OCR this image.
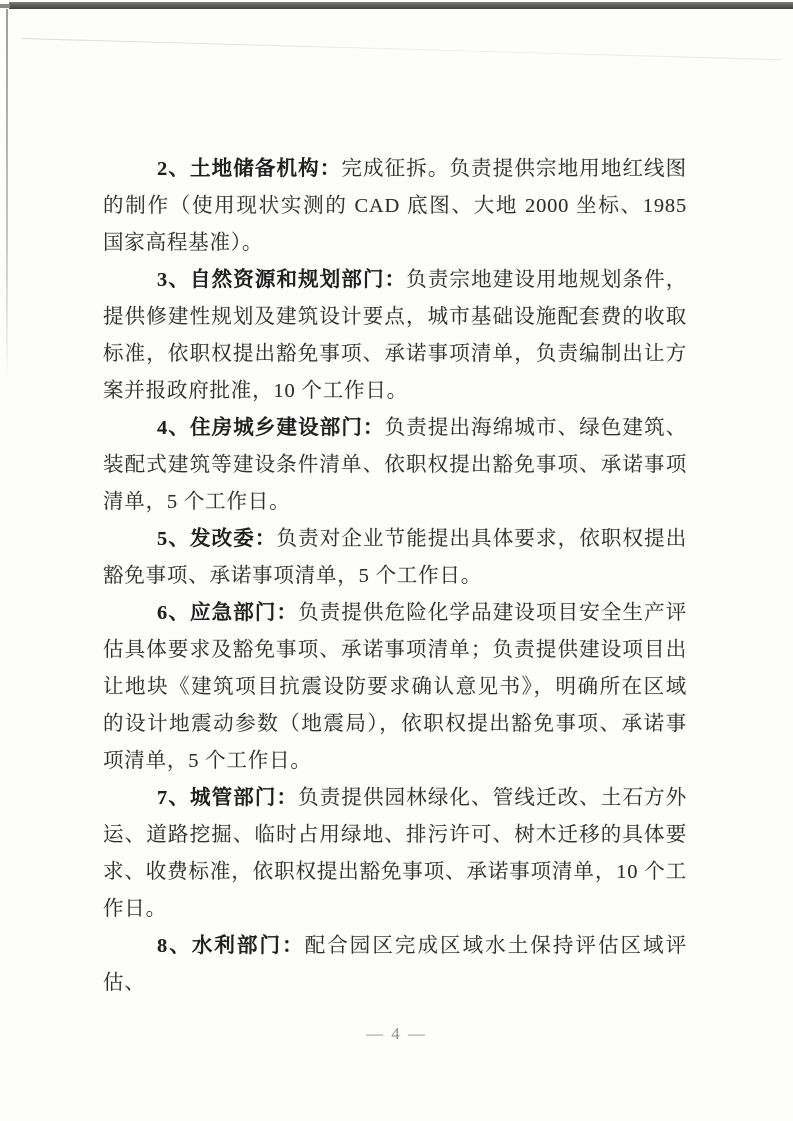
2、土地储备机构：完成征拆。负责提供宗地用地红线图的制作（使用现状实测的 CAD 底图、大地 2000 坐标、1985 国家高程基准）。

3、自然资源和规划部门：负责宗地建设用地规划条件，提供修建性规划及建筑设计要点，城市基础设施配套费的收取标准，依职权提出豁免事项、承诺事项清单，负责编制出让方案并报政府批准，10 个工作日。

4、住房城乡建设部门：负责提出海绵城市、绿色建筑、装配式建筑等建设条件清单、依职权提出豁免事项、承诺事项清单，5 个工作日。

5、发改委：负责对企业节能提出具体要求，依职权提出豁免事项、承诺事项清单，5 个工作日。

6、应急部门：负责提供危险化学品建设项目安全生产评估具体要求及豁免事项、承诺事项清单；负责提供建设项目出让地块《建筑项目抗震设防要求确认意见书》，明确所在区域的设计地震动参数（地震局），依职权提出豁免事项、承诺事项清单，5 个工作日。

7、城管部门：负责提供园林绿化、管线迁改、土石方外运、道路挖掘、临时占用绿地、排污许可、树木迁移的具体要求、收费标准，依职权提出豁免事项、承诺事项清单，10 个工作日。

8、水利部门：配合园区完成区域水土保持评估区域评估、

— 4 —
